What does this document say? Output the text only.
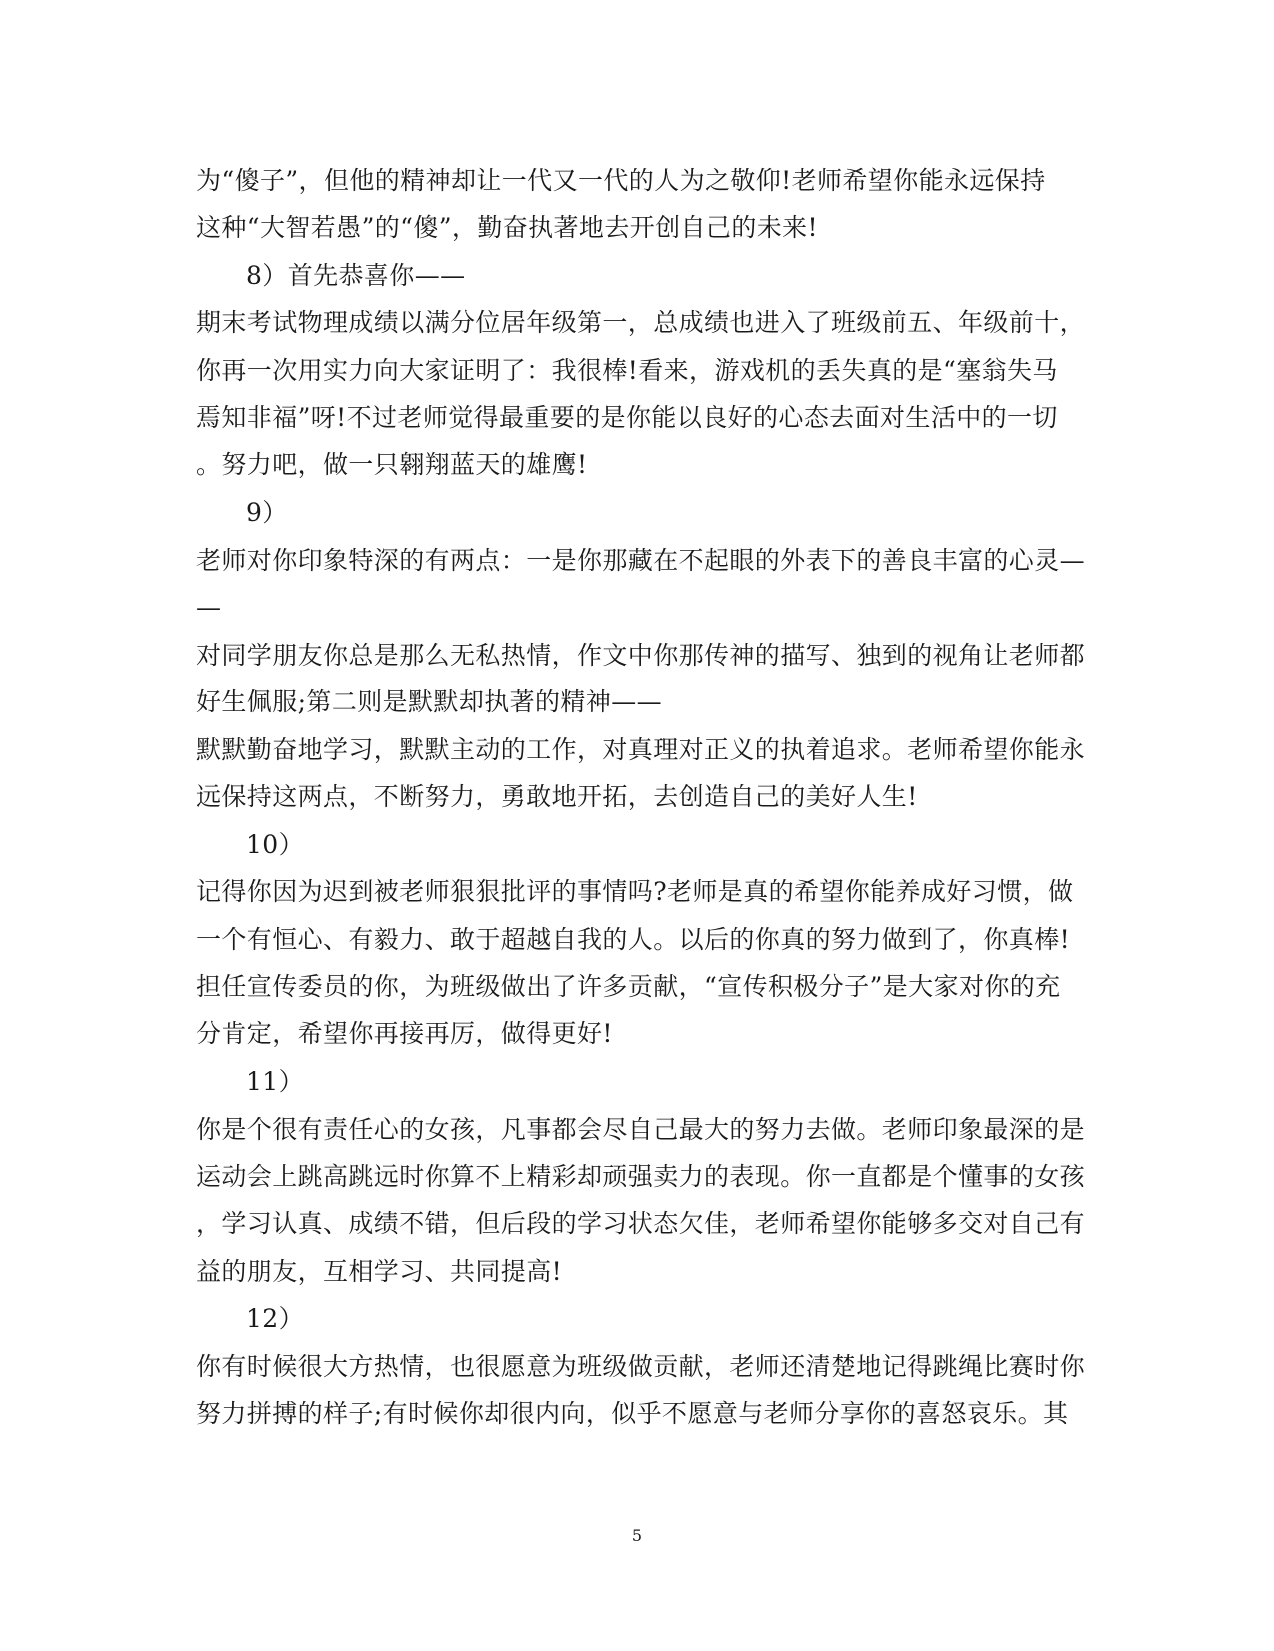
为“傻子”，但他的精神却让一代又一代的人为之敬仰!老师希望你能永远保持
这种“大智若愚”的“傻”，勤奋执著地去开创自己的未来!
8）首先恭喜你——
期末考试物理成绩以满分位居年级第一，总成绩也进入了班级前五、年级前十，
你再一次用实力向大家证明了：我很棒!看来，游戏机的丢失真的是“塞翁失马
焉知非福”呀!不过老师觉得最重要的是你能以良好的心态去面对生活中的一切
。努力吧，做一只翱翔蓝天的雄鹰!
9）
老师对你印象特深的有两点：一是你那藏在不起眼的外表下的善良丰富的心灵—
—
对同学朋友你总是那么无私热情，作文中你那传神的描写、独到的视角让老师都
好生佩服;第二则是默默却执著的精神——
默默勤奋地学习，默默主动的工作，对真理对正义的执着追求。老师希望你能永
远保持这两点，不断努力，勇敢地开拓，去创造自己的美好人生!
10）
记得你因为迟到被老师狠狠批评的事情吗?老师是真的希望你能养成好习惯，做
一个有恒心、有毅力、敢于超越自我的人。以后的你真的努力做到了，你真棒!
担任宣传委员的你，为班级做出了许多贡献，“宣传积极分子”是大家对你的充
分肯定，希望你再接再厉，做得更好!
11）
你是个很有责任心的女孩，凡事都会尽自己最大的努力去做。老师印象最深的是
运动会上跳高跳远时你算不上精彩却顽强卖力的表现。你一直都是个懂事的女孩
，学习认真、成绩不错，但后段的学习状态欠佳，老师希望你能够多交对自己有
益的朋友，互相学习、共同提高!
12）
你有时候很大方热情，也很愿意为班级做贡献，老师还清楚地记得跳绳比赛时你
努力拼搏的样子;有时候你却很内向，似乎不愿意与老师分享你的喜怒哀乐。其
5
